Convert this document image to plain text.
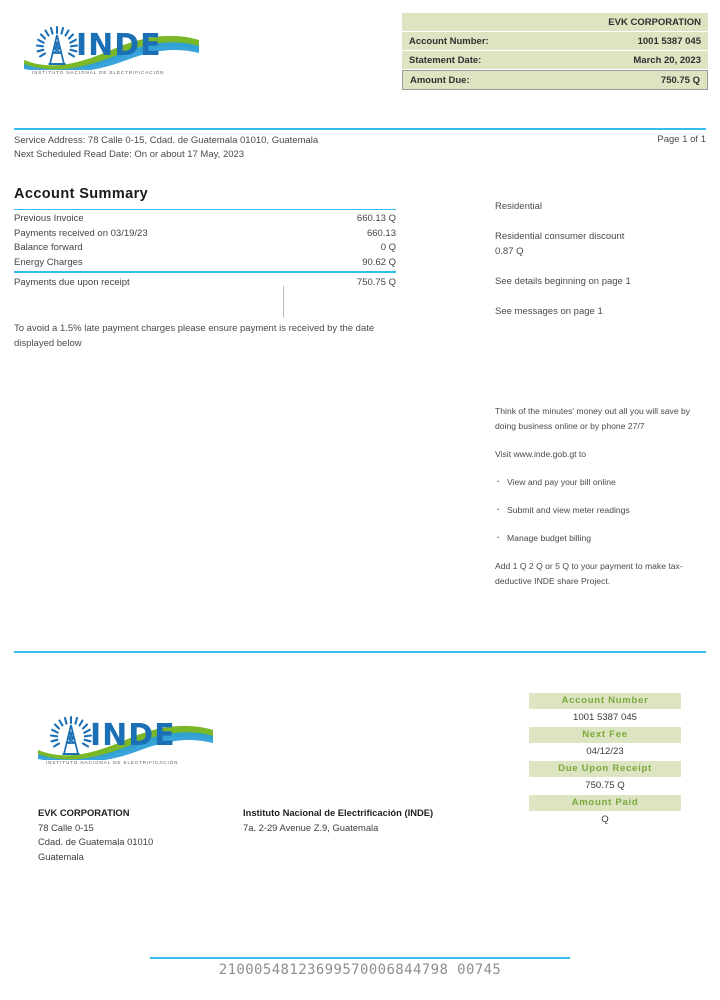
INDE
INSTITUTO NACIONAL DE ELECTRIFICACIÓN
	EVK CORPORATION
Account Number:	1001 5387 045
Statement Date:	March 20, 2023
Amount Due:	750.75 Q
Service Address: 78 Calle 0-15, Cdad. de Guatemala 01010, Guatemala
Next Scheduled Read Date: On or about 17 May, 2023
Page 1 of 1
Account Summary
Previous Invoice	660.13 Q
Payments received on 03/19/23	660.13
Balance forward	0 Q
Energy Charges	90.62 Q
Payments due upon receipt	750.75 Q
To avoid a 1.5% late payment charges please ensure payment is received by the date displayed below

Residential

Residential consumer discount
0.87 Q

See details beginning on page 1

See messages on page 1

Think of the minutes' money out all you will save by doing business online or by phone 27/7

Visit www.inde.gob.gt to

. View and pay your bill online
. Submit and view meter readings
. Manage budget billing

Add 1 Q 2 Q or 5 Q to your payment to make tax-deductive INDE share Project.

INDE
INSTITUTO NACIONAL DE ELECTRIFICACIÓN
Account Number
1001 5387 045
Next Fee
04/12/23
Due Upon Receipt
750.75 Q
Amount Paid
Q
EVK CORPORATION
78 Calle 0-15
Cdad. de Guatemala 01010
Guatemala
Instituto Nacional de Electrificación (INDE)
7a. 2-29 Avenue Z.9, Guatemala
21000548123699570006844798 00745
